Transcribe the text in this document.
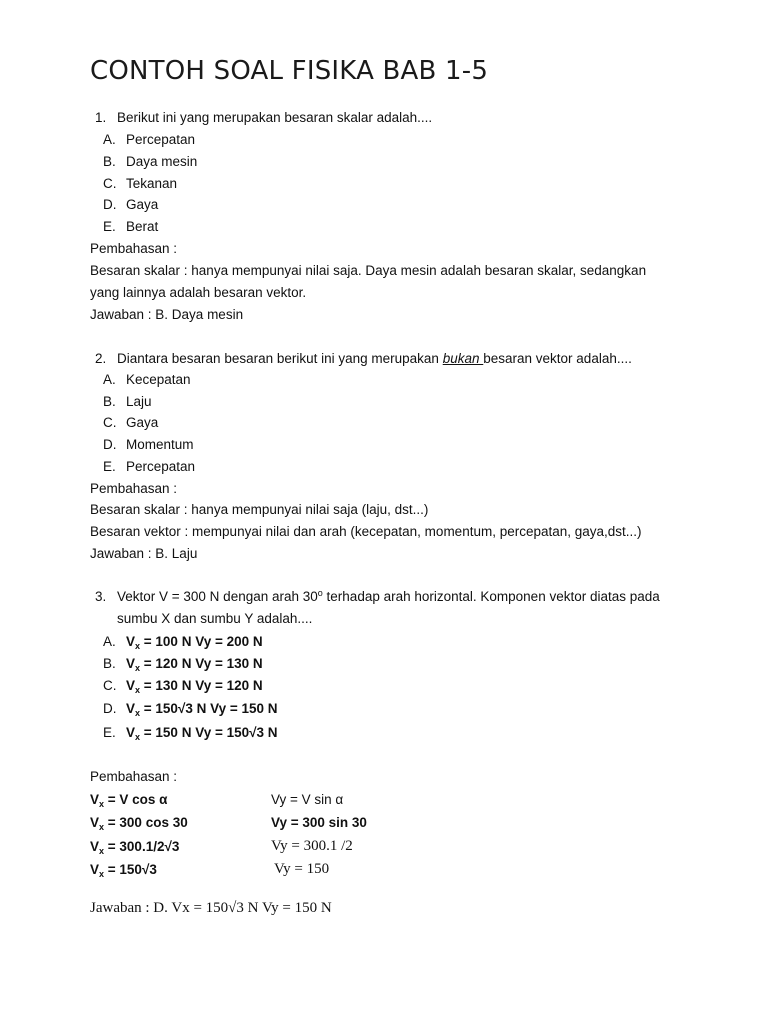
CONTOH SOAL FISIKA BAB 1-5
1. Berikut ini yang merupakan besaran skalar adalah....
A. Percepatan
B. Daya mesin
C. Tekanan
D. Gaya
E. Berat
Pembahasan :
Besaran skalar : hanya mempunyai nilai saja. Daya mesin adalah besaran skalar, sedangkan
yang lainnya adalah besaran vektor.
Jawaban : B. Daya mesin
2. Diantara besaran besaran berikut ini yang merupakan bukan besaran vektor adalah....
A. Kecepatan
B. Laju
C. Gaya
D. Momentum
E. Percepatan
Pembahasan :
Besaran skalar : hanya mempunyai nilai saja (laju, dst...)
Besaran vektor : mempunyai nilai dan arah (kecepatan, momentum, percepatan, gaya,dst...)
Jawaban : B. Laju
3. Vektor V = 300 N dengan arah 30$^o$ terhadap arah horizontal. Komponen vektor diatas pada
sumbu X dan sumbu Y adalah....
A. $V_x = 100$ N Vy = 200 N
B. $V_x = 120$ N Vy = 130 N
C. $V_x = 130$ N Vy = 120 N
D. $V_x = 150√3$ N Vy = 150 N
E. $V_x = 150$ N Vy = 150√3 N
Pembahasan :
$V_x = V$ cos α	Vy = V sin α
$V_x = 300$ cos 30	Vy = 300 sin 30
$V_x = 300.1/2√3$	Vy = 300.1 /2
$V_x = 150√3$	Vy = 150
Jawaban : D. Vx = 150√3 N Vy = 150 N
